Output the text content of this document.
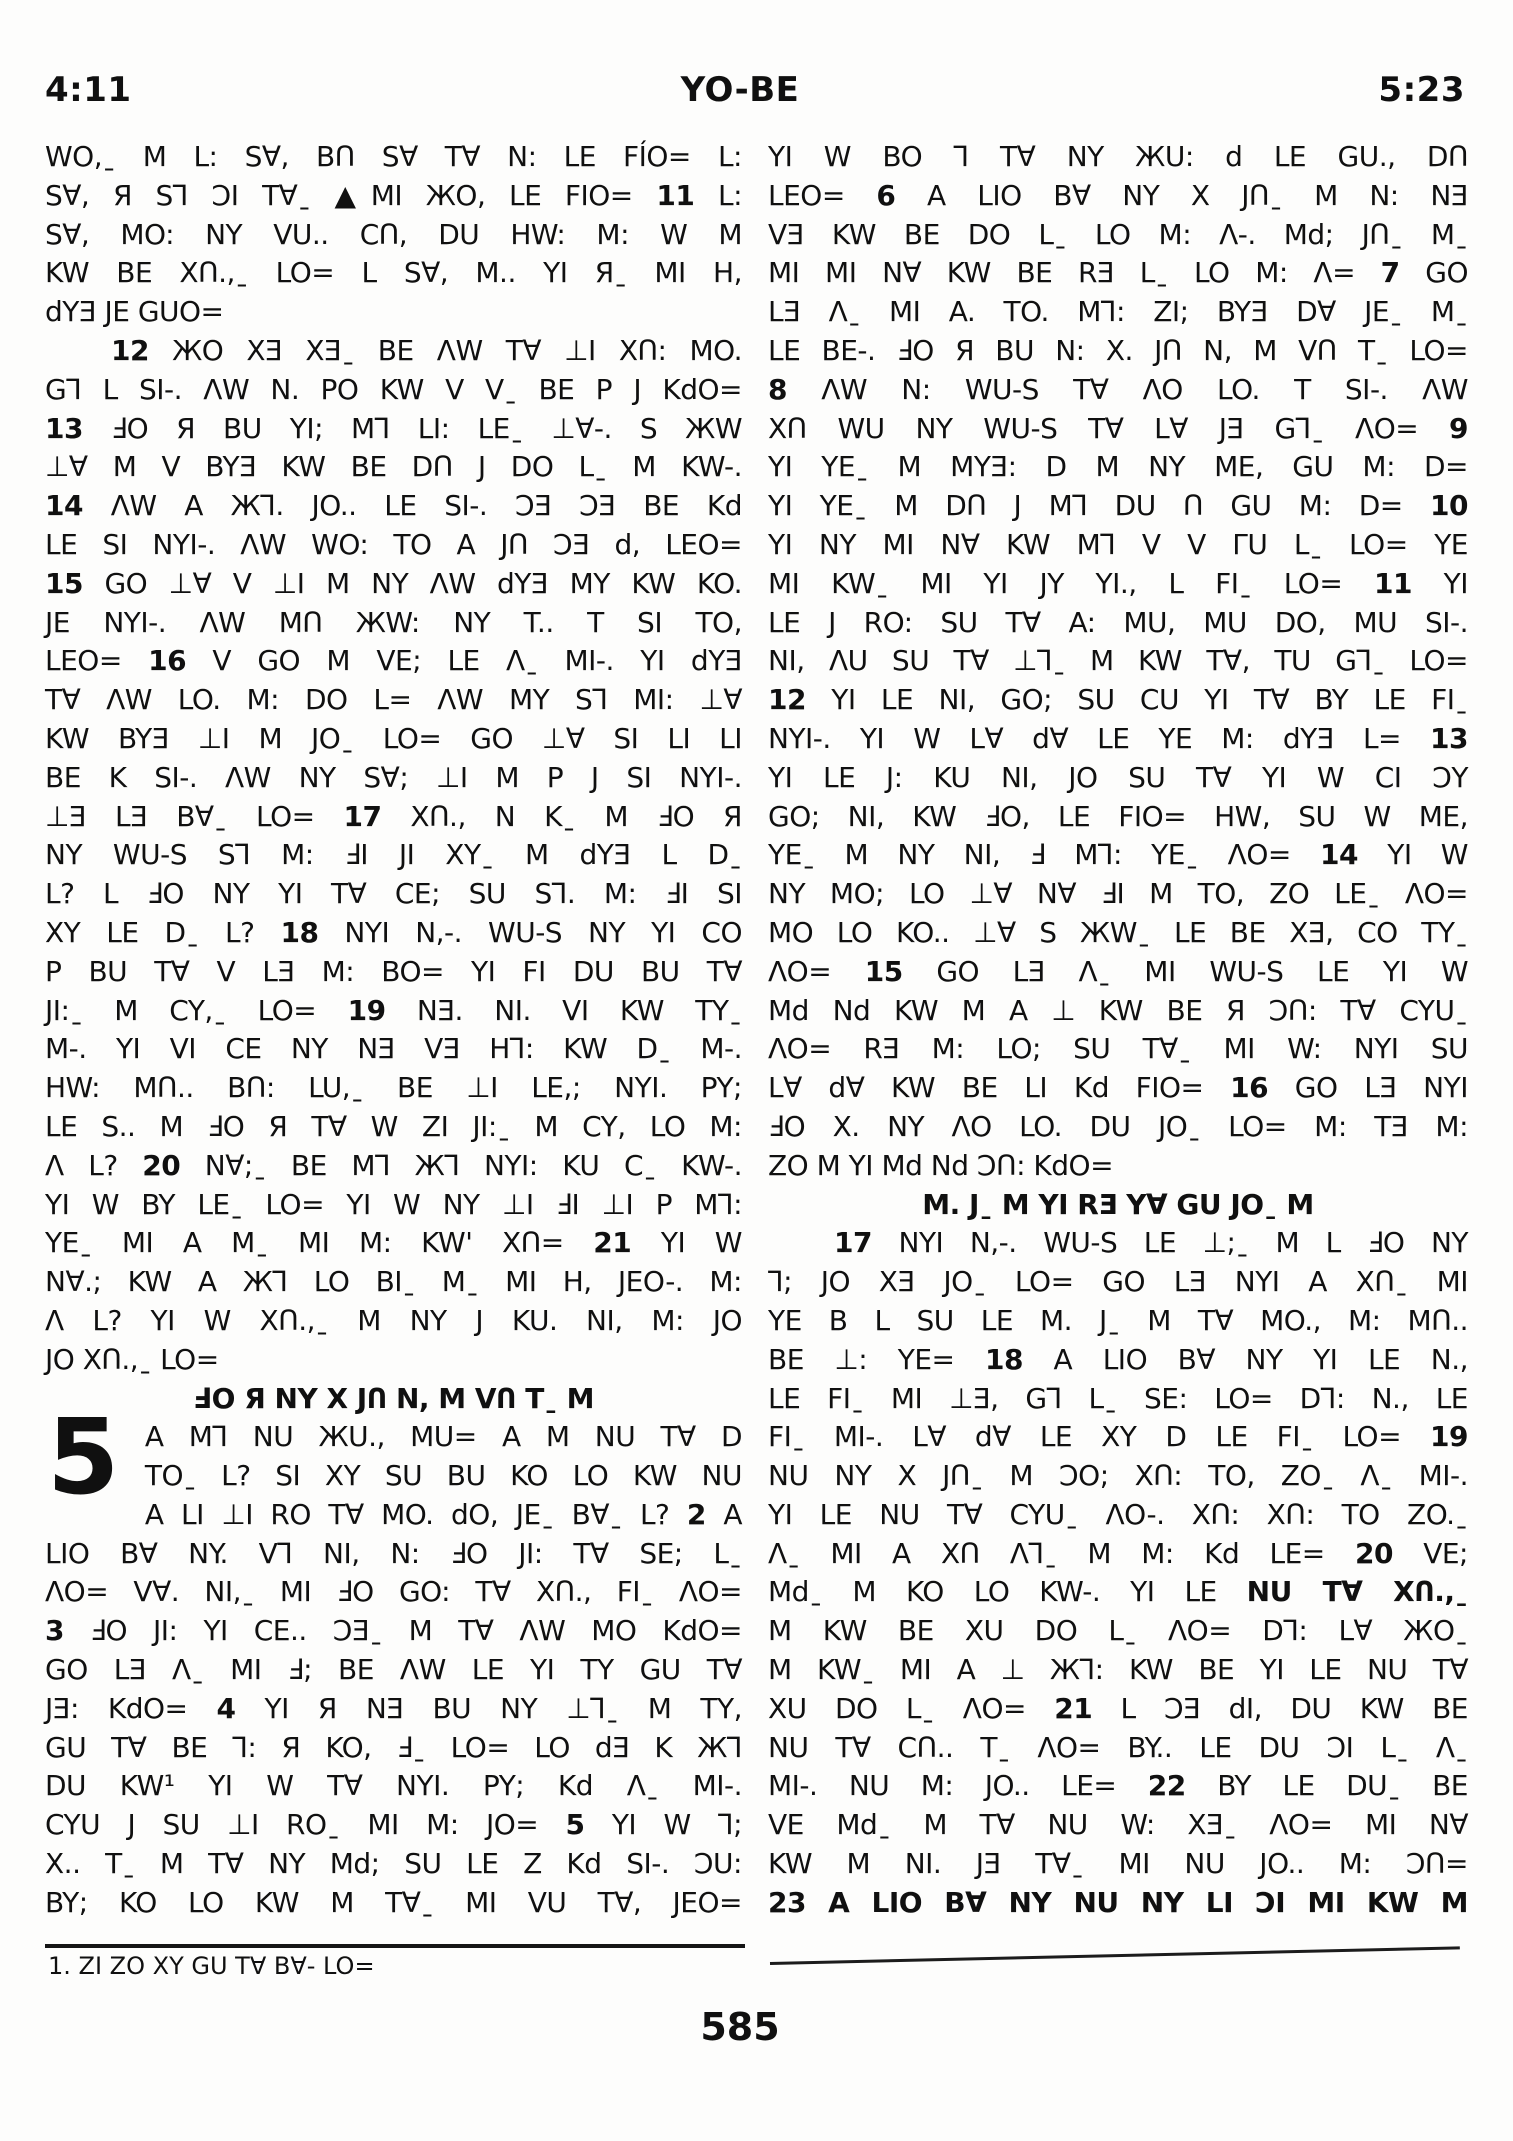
4:11	YO-BE	5:23
WO,ˍ M L: S∀, BՈ S∀ T∀ N: LE FÍO= L:
S∀, Я S⅂ ƆI T∀ˍ ▲MI ЖO, LE FIO= 11 L:
S∀, MO: NY VU.. CՈ, DU HW: M: W M
KW BE XՈ.,ˍ LO= L S∀, M.. YI Яˍ MI H,
dYƎ JE GUO=
12 ЖO XƎ XƎˍ BE ΛW T∀ ⊥I XՈ: MO.
G⅂ L SI-. ΛW N. PO KW V Vˍ BE P J KdO=
13 ℲO Я BU YI; M⅂ LI: LEˍ ⊥∀-. S ЖW
⊥∀ M V BYƎ KW BE DՈ J DO Lˍ M KW-.
14 ΛW A Ж⅂. JO.. LE SI-. ƆƎ ƆƎ BE Kd
LE SI NYI-. ΛW WO: TO A JՈ ƆƎ d, LEO=
15 GO ⊥∀ V ⊥I M NY ΛW dYƎ MY KW KO.
JE NYI-. ΛW MՈ ЖW: NY T.. T SI TO,
LEO= 16 V GO M VE; LE Λˍ MI-. YI dYƎ
T∀ ΛW LO. M: DO L= ΛW MY S⅂ MI: ⊥∀
KW BYƎ ⊥I M JOˍ LO= GO ⊥∀ SI LI LI
BE K SI-. ΛW NY S∀; ⊥I M P J SI NYI-.
⊥Ǝ LƎ B∀ˍ LO= 17 XՈ., N Kˍ M ℲO Я
NY WU-S S⅂ M: ℲI JI XYˍ M dYƎ L Dˍ
L? L ℲO NY YI T∀ CE; SU S⅂. M: ℲI SI
XY LE Dˍ L? 18 NYI N,-. WU-S NY YI CO
P BU T∀ V LƎ M: BO= YI FI DU BU T∀
JI:ˍ M CY,ˍ LO= 19 NƎ. NI. VI KW TYˍ
M-. YI VI CE NY NƎ VƎ H⅂: KW Dˍ M-.
HW: MՈ.. BՈ: LU,ˍ BE ⊥I LE,; NYI. PY;
LE S.. M ℲO Я T∀ W ZI JI:ˍ M CY, LO M:
Λ L? 20 N∀;ˍ BE M⅂ Ж⅂ NYI: KU Cˍ KW-.
YI W BY LEˍ LO= YI W NY ⊥I ℲI ⊥I P M⅂:
YEˍ MI A Mˍ MI M: KW' XՈ= 21 YI W
N∀.; KW A Ж⅂ LO BIˍ Mˍ MI H, JEO-. M:
Λ L? YI W XՈ.,ˍ M NY J KU. NI, M: JO
JO XՈ.,ˍ LO=
ℲO Я NY X JՈ N, M VՈ Tˍ M
5 A M⅂ NU ЖU., MU= A M NU T∀ D
TOˍ L? SI XY SU BU KO LO KW NU
A LI ⊥I RO T∀ MO. dO, JEˍ B∀ˍ L? 2 A
LIO B∀ NY. V⅂ NI, N: ℲO JI: T∀ SE; Lˍ
ΛO= V∀. NI,ˍ MI ℲO GO: T∀ XՈ., FIˍ ΛO=
3 ℲO JI: YI CE.. ƆƎˍ M T∀ ΛW MO KdO=
GO LƎ Λˍ MI Ⅎ; BE ΛW LE YI TY GU T∀
JƎ: KdO= 4 YI Я NƎ BU NY ⊥⅂ˍ M TY,
GU T∀ BE ⅂: Я KO, Ⅎˍ LO= LO dƎ K Ж⅂
DU KW¹ YI W T∀ NYI. PY; Kd Λˍ MI-.
CYU J SU ⊥I ROˍ MI M: JO= 5 YI W ⅂;
X.. Tˍ M T∀ NY Md; SU LE Z Kd SI-. ƆU:
BY; KO LO KW M T∀ˍ MI VU T∀, JEO=
YI W BO ⅂ T∀ NY ЖU: d LE GU., DՈ
LEO= 6 A LIO B∀ NY X JՈˍ M N: NƎ
VƎ KW BE DO Lˍ LO M: Λ-. Md; JՈˍ Mˍ
MI MI N∀ KW BE RƎ Lˍ LO M: Λ= 7 GO
LƎ Λˍ MI A. TO. M⅂: ZI; BYƎ D∀ JEˍ Mˍ
LE BE-. ℲO Я BU N: X. JՈ N, M VՈ Tˍ LO=
8 ΛW N: WU-S T∀ ΛO LO. T SI-. ΛW
XՈ WU NY WU-S T∀ L∀ JƎ G⅂ˍ ΛO= 9
YI YEˍ M MYƎ: D M NY ME, GU M: D=
YI YEˍ M DՈ J M⅂ DU Ո GU M: D= 10
YI NY MI N∀ KW M⅂ V V ΓU Lˍ LO= YE
MI KWˍ MI YI JY YI., L FIˍ LO= 11 YI
LE J RO: SU T∀ A: MU, MU DO, MU SI-.
NI, ΛU SU T∀ ⊥⅂ˍ M KW T∀, TU G⅂ˍ LO=
12 YI LE NI, GO; SU CU YI T∀ BY LE FIˍ
NYI-. YI W L∀ d∀ LE YE M: dYƎ L= 13
YI LE J: KU NI, JO SU T∀ YI W CI ƆY
GO; NI, KW ℲO, LE FIO= HW, SU W ME,
YEˍ M NY NI, Ⅎ M⅂: YEˍ ΛO= 14 YI W
NY MO; LO ⊥∀ N∀ ℲI M TO, ZO LEˍ ΛO=
MO LO KO.. ⊥∀ S ЖWˍ LE BE XƎ, CO TYˍ
ΛO= 15 GO LƎ Λˍ MI WU-S LE YI W
Md Nd KW M A ⊥ KW BE Я ƆՈ: T∀ CYUˍ
ΛO= RƎ M: LO; SU T∀ˍ MI W: NYI SU
L∀ d∀ KW BE LI Kd FIO= 16 GO LƎ NYI
ℲO X. NY ΛO LO. DU JOˍ LO= M: TƎ M:
ZO M YI Md Nd ƆՈ: KdO=
M. Jˍ M YI RƎ Y∀ GU JOˍ M
17 NYI N,-. WU-S LE ⊥;ˍ M L ℲO NY
⅂; JO XƎ JOˍ LO= GO LƎ NYI A XՈˍ MI
YE B L SU LE M. Jˍ M T∀ MO., M: MՈ..
BE ⊥: YE= 18 A LIO B∀ NY YI LE N.,
LE FIˍ MI ⊥Ǝ, G⅂ Lˍ SE: LO= D⅂: N., LE
FIˍ MI-. L∀ d∀ LE XY D LE FIˍ LO= 19
NU NY X JՈˍ M ƆO; XՈ: TO, ZOˍ Λˍ MI-.
YI LE NU T∀ CYUˍ ΛO-. XՈ: XՈ: TO ZO.ˍ
Λˍ MI A XՈ Λ⅂ˍ M M: Kd LE= 20 VE;
Mdˍ M KO LO KW-. YI LE NU T∀ XՈ.,ˍ
M KW BE XU DO Lˍ ΛO= D⅂: L∀ ЖOˍ
M KWˍ MI A ⊥ Ж⅂: KW BE YI LE NU T∀
XU DO Lˍ ΛO= 21 L ƆƎ dI, DU KW BE
NU T∀ CՈ.. Tˍ ΛO= BY.. LE DU ƆI Lˍ Λˍ
MI-. NU M: JO.. LE= 22 BY LE DUˍ BE
VE Mdˍ M T∀ NU W: XƎˍ ΛO= MI N∀
KW M NI. JƎ T∀ˍ MI NU JO.. M: ƆՈ=
23 A LIO B∀ NY NU NY LI ƆI MI KW M
1. ZI ZO XY GU T∀ B∀- LO=
585
